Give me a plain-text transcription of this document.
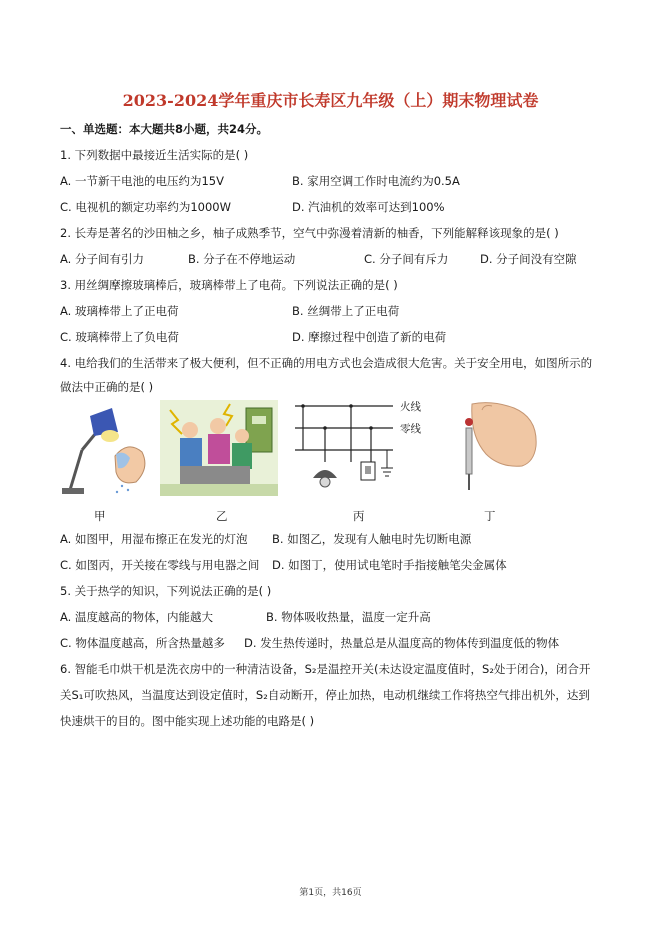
2023-2024学年重庆市长寿区九年级（上）期末物理试卷
一、单选题：本大题共8小题，共24分。
1. 下列数据中最接近生活实际的是( )
A. 一节新干电池的电压约为15V	B. 家用空调工作时电流约为0.5A
C. 电视机的额定功率约为1000W	D. 汽油机的效率可达到100%
2. 长寿是著名的沙田柚之乡，柚子成熟季节，空气中弥漫着清新的柚香，下列能解释该现象的是( )
A. 分子间有引力	B. 分子在不停地运动	C. 分子间有斥力	D. 分子间没有空隙
3. 用丝绸摩擦玻璃棒后，玻璃棒带上了电荷。下列说法正确的是( )
A. 玻璃棒带上了正电荷	B. 丝绸带上了正电荷
C. 玻璃棒带上了负电荷	D. 摩擦过程中创造了新的电荷
4. 电给我们的生活带来了极大便利，但不正确的用电方式也会造成很大危害。关于安全用电，如图所示的
做法中正确的是( )
甲	乙
火线
零线
丙	丁
A. 如图甲，用湿布擦正在发光的灯泡 B. 如图乙，发现有人触电时先切断电源
C. 如图丙，开关接在零线与用电器之间 D. 如图丁，使用试电笔时手指接触笔尖金属体
5. 关于热学的知识，下列说法正确的是( )
A. 温度越高的物体，内能越大	B. 物体吸收热量，温度一定升高
C. 物体温度越高，所含热量越多 D. 发生热传递时，热量总是从温度高的物体传到温度低的物体
6. 智能毛巾烘干机是洗衣房中的一种清洁设备，S₂是温控开关(未达设定温度值时，S₂处于闭合)，闭合开
关S₁可吹热风，当温度达到设定值时，S₂自动断开，停止加热，电动机继续工作将热空气排出机外，达到
快速烘干的目的。图中能实现上述功能的电路是( )
第1页，共16页
